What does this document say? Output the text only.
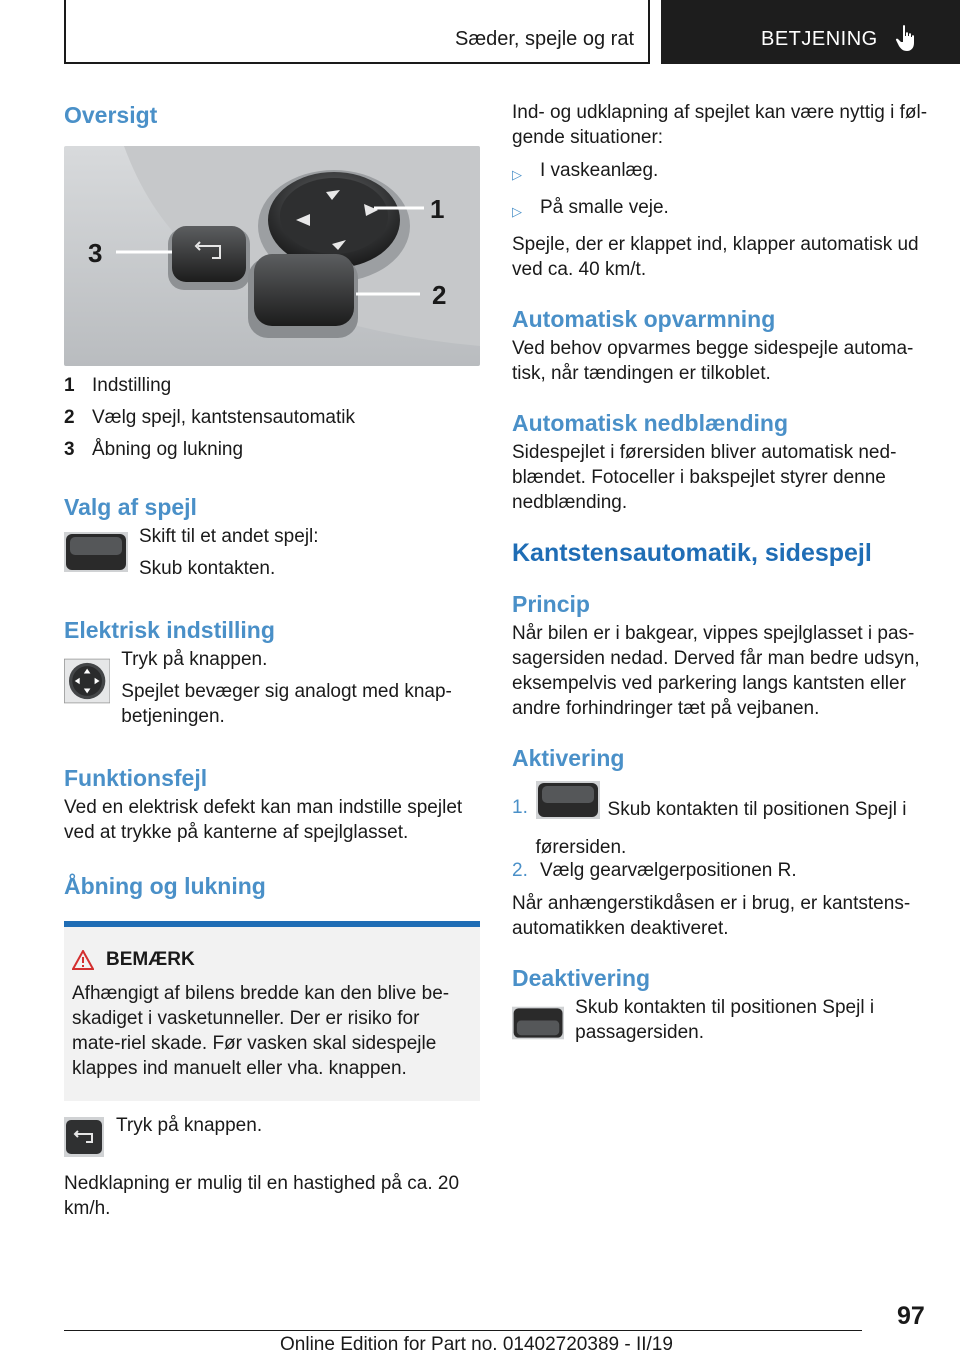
Sæder, spejle og rat	BETJENING
Oversigt
3
2
1
1 Indstilling
2 Vælg spejl, kantstensautomatik
3 Åbning og lukning
Valg af spejl

Skift til et andet spejl:

Skub kontakten.

Elektrisk indstilling

Tryk på knappen.

Spejlet bevæger sig analogt med knap-betjeningen.

Funktionsfejl

Ved en elektrisk defekt kan man indstille spejlet ved at trykke på kanterne af spejlglasset.

Åbning og lukning
BEMÆRK

Afhængigt af bilens bredde kan den blive be-skadiget i vasketunneller. Der er risiko for mate-riel skade. Før vasken skal sidespejle klappes ind manuelt eller vha. knappen.

Tryk på knappen.

Nedklapning er mulig til en hastighed på ca. 20 km/h.

Ind- og udklapning af spejlet kan være nyttig i føl-gende situationer:

▷ I vaskeanlæg.
▷ På smalle veje.

Spejle, der er klappet ind, klapper automatisk ud ved ca. 40 km/t.

Automatisk opvarmning

Ved behov opvarmes begge sidespejle automa-tisk, når tændingen er tilkoblet.

Automatisk nedblænding

Sidespejlet i førersiden bliver automatisk ned-blændet. Fotoceller i bakspejlet styrer denne nedblænding.

Kantstensautomatik, sidespejl
Princip

Når bilen er i bakgear, vippes spejlglasset i pas-sagersiden nedad. Derved får man bedre udsyn, eksempelvis ved parkering langs kantsten eller andre forhindringer tæt på vejbanen.

Aktivering
1.	Skub kontakten til positionen Spejl i førersiden.
2. Vælg gearvælgerpositionen R.

Når anhængerstikdåsen er i brug, er kantstens-automatikken deaktiveret.

Deaktivering

Skub kontakten til positionen Spejl i passagersiden.

97
Online Edition for Part no. 01402720389 - II/19
